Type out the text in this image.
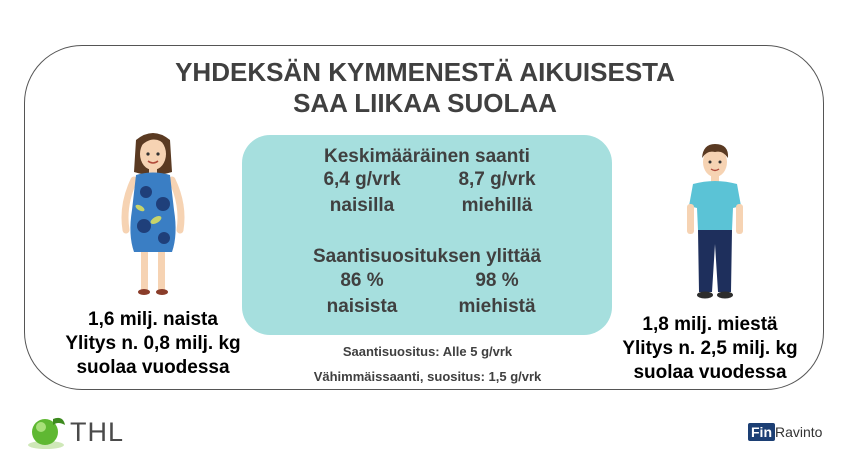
YHDEKSÄN KYMMENESTÄ AIKUISESTA
SAA LIIKAA SUOLAA
Keskimääräinen saanti
6,4 g/vrk	8,7 g/vrk
naisilla	miehillä
Saantisuosituksen ylittää
86 %	98 %
naisista	miehistä
1,6 milj. naista
Ylitys n. 0,8 milj. kg
suolaa vuodessa
1,8 milj. miestä
Ylitys n. 2,5 milj. kg
suolaa vuodessa
Saantisuositus: Alle 5 g/vrk
Vähimmäissaanti, suositus: 1,5 g/vrk
THL	Fin Ravinto
